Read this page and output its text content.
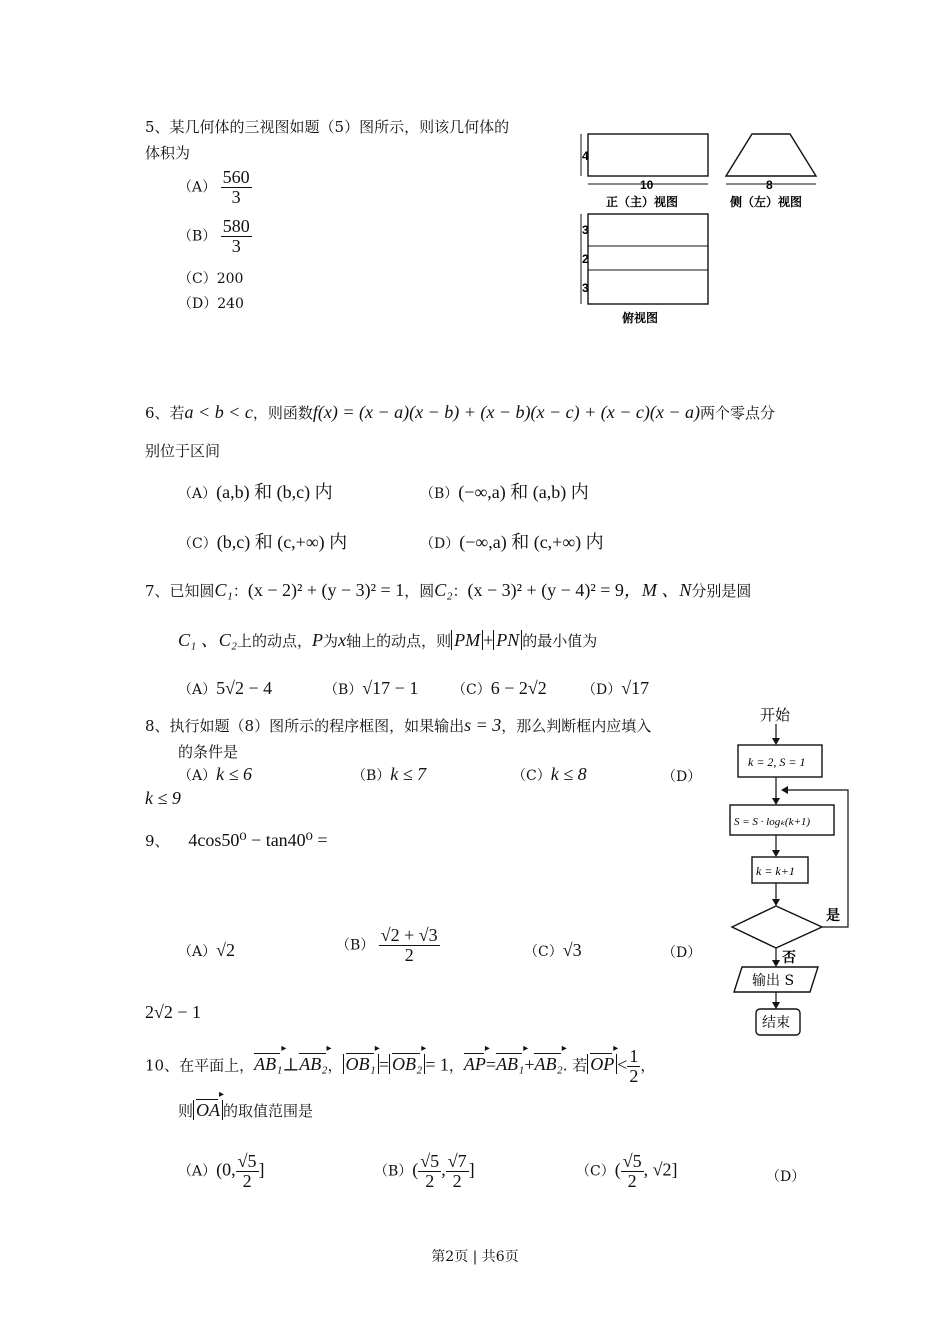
5、某几何体的三视图如题（5）图所示，则该几何体的
体积为
$(A) \frac{560}{3}$
$(B) \frac{580}{3}$
（C）200
（D）240
4
10
正（主）视图
8
侧（左）视图
3
2
3
俯视图
6、若a < b < c，则函数f(x) = (x − a)(x − b) + (x − b)(x − c) + (x − c)(x − a)两个零点分
别位于区间
（A）(a,b) 和 (b,c) 内	（B）(−∞,a) 和 (a,b) 内
（C）(b,c) 和 (c,+∞) 内	（D）(−∞,a) 和 (c,+∞) 内
7、已知圆C₁：(x − 2)² + (y − 3)² = 1，圆C₂：(x − 3)² + (y − 4)² = 9，M 、N分别是圆
C₁ 、C₂上的动点，P为x轴上的动点，则 PM + PN 的最小值为
（A）5√2 − 4	（B）√17 − 1 （C）6 − 2√2	（D）√17
8、执行如题（8）图所示的程序框图，如果输出s = 3，那么判断框内应填入
的条件是
（A）k ≤ 6	（B）k ≤ 7	（C）k ≤ 8	（D）
k ≤ 9
开始
k = 2, S = 1
S = S · logₖ(k+1)
k = k+1
是
否
输出 S
结束
9、 4cos50⁰ − tan40⁰ =
（A）√2	$(B) \frac{√2 + √3}{2}$	（C）√3	（D）
2√2 − 1
10、在平面上，AB₁ ▸⊥AB₂ ▸， OB₁ ▸ = OB₂ ▸ = 1，AP ▸=AB₁ ▸+AB₂ ▸. 若 OP ▸ < $\frac{1}{2}$ ，
则 OA ▸ 的取值范围是
（A）(0, $\frac{√5}{2}$ ]	$(B)( \frac{√5}{2}$ , $\frac{√7}{2}$ ]	$(C)( \frac{√5}{2}$ , √2]	（D）
第2页 | 共6页
